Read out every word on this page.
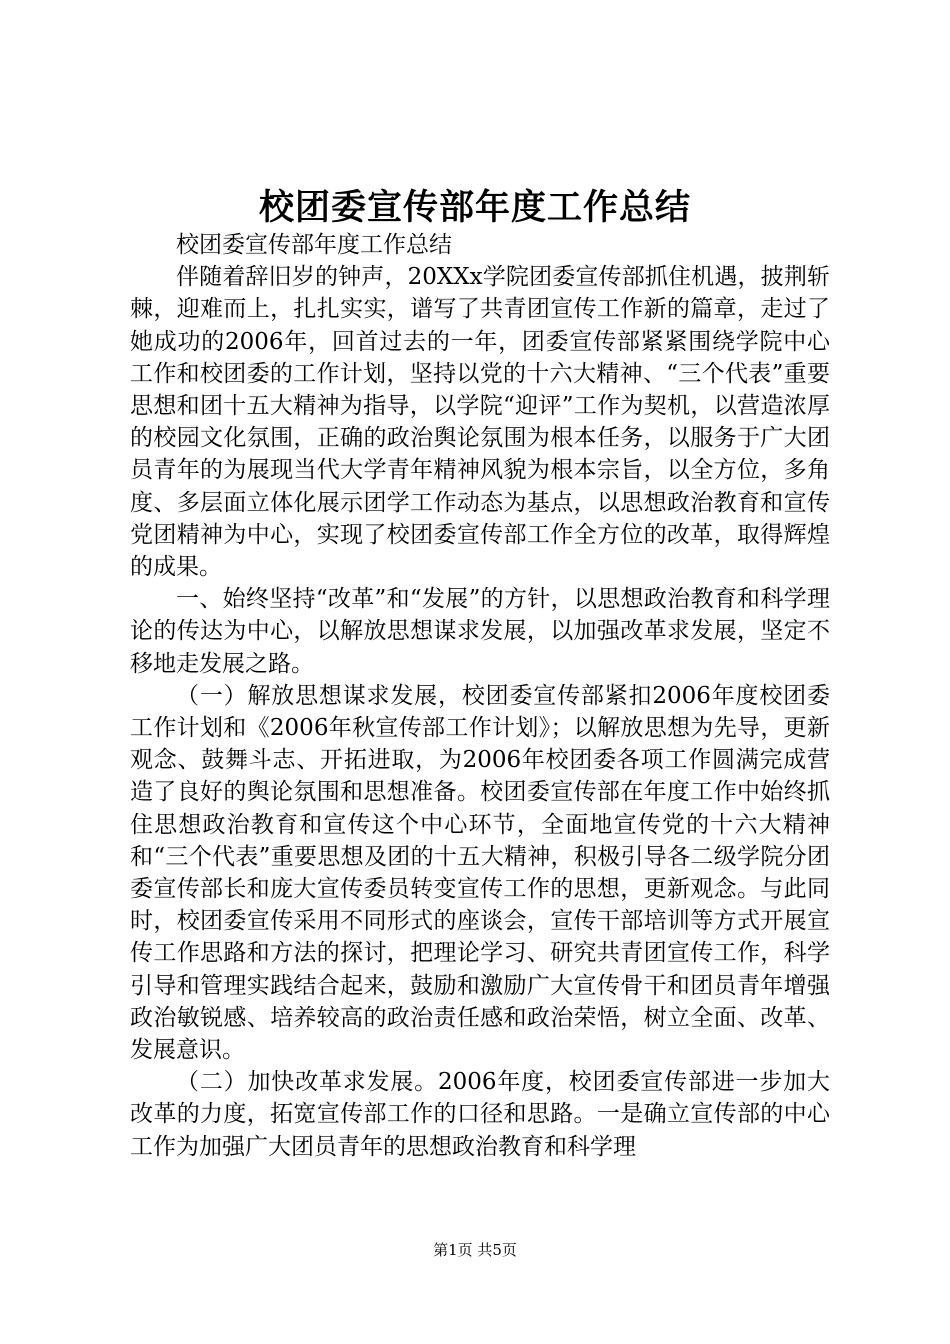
校团委宣传部年度工作总结

校团委宣传部年度工作总结

伴随着辞旧岁的钟声，20XXx学院团委宣传部抓住机遇，披荆斩棘，迎难而上，扎扎实实，谱写了共青团宣传工作新的篇章，走过了她成功的2006年，回首过去的一年，团委宣传部紧紧围绕学院中心工作和校团委的工作计划，坚持以党的十六大精神、“三个代表”重要思想和团十五大精神为指导，以学院“迎评”工作为契机，以营造浓厚的校园文化氛围，正确的政治舆论氛围为根本任务，以服务于广大团员青年的为展现当代大学青年精神风貌为根本宗旨，以全方位，多角度、多层面立体化展示团学工作动态为基点，以思想政治教育和宣传党团精神为中心，实现了校团委宣传部工作全方位的改革，取得辉煌的成果。

一、始终坚持“改革”和“发展”的方针，以思想政治教育和科学理论的传达为中心，以解放思想谋求发展，以加强改革求发展，坚定不移地走发展之路。

（一）解放思想谋求发展，校团委宣传部紧扣2006年度校团委工作计划和《2006年秋宣传部工作计划》；以解放思想为先导，更新观念、鼓舞斗志、开拓进取，为2006年校团委各项工作圆满完成营造了良好的舆论氛围和思想准备。校团委宣传部在年度工作中始终抓住思想政治教育和宣传这个中心环节，全面地宣传党的十六大精神和“三个代表”重要思想及团的十五大精神，积极引导各二级学院分团委宣传部长和庞大宣传委员转变宣传工作的思想，更新观念。与此同时，校团委宣传采用不同形式的座谈会，宣传干部培训等方式开展宣传工作思路和方法的探讨，把理论学习、研究共青团宣传工作，科学引导和管理实践结合起来，鼓励和激励广大宣传骨干和团员青年增强政治敏锐感、培养较高的政治责任感和政治荣悟，树立全面、改革、发展意识。

（二）加快改革求发展。2006年度，校团委宣传部进一步加大改革的力度，拓宽宣传部工作的口径和思路。一是确立宣传部的中心工作为加强广大团员青年的思想政治教育和科学理

第1页 共5页
